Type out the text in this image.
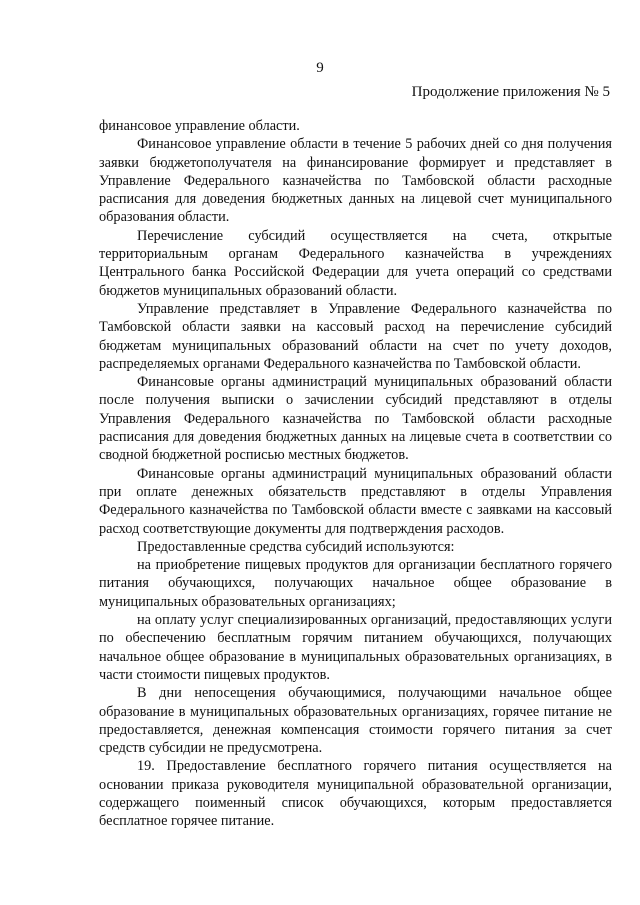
9
Продолжение приложения № 5

финансовое управление области.

Финансовое управление области в течение 5 рабочих дней со дня получения заявки бюджетополучателя на финансирование формирует и представляет в Управление Федерального казначейства по Тамбовской области расходные расписания для доведения бюджетных данных на лицевой счет муниципального образования области.

Перечисление субсидий осуществляется на счета, открытые территориальным органам Федерального казначейства в учреждениях Центрального банка Российской Федерации для учета операций со средствами бюджетов муниципальных образований области.

Управление представляет в Управление Федерального казначейства по Тамбовской области заявки на кассовый расход на перечисление субсидий бюджетам муниципальных образований области на счет по учету доходов, распределяемых органами Федерального казначейства по Тамбовской области.

Финансовые органы администраций муниципальных образований области после получения выписки о зачислении субсидий представляют в отделы Управления Федерального казначейства по Тамбовской области расходные расписания для доведения бюджетных данных на лицевые счета в соответствии со сводной бюджетной росписью местных бюджетов.

Финансовые органы администраций муниципальных образований области при оплате денежных обязательств представляют в отделы Управления Федерального казначейства по Тамбовской области вместе с заявками на кассовый расход соответствующие документы для подтверждения расходов.

Предоставленные средства субсидий используются:

на приобретение пищевых продуктов для организации бесплатного горячего питания обучающихся, получающих начальное общее образование в муниципальных образовательных организациях;

на оплату услуг специализированных организаций, предоставляющих услуги по обеспечению бесплатным горячим питанием обучающихся, получающих начальное общее образование в муниципальных образовательных организациях, в части стоимости пищевых продуктов.

В дни непосещения обучающимися, получающими начальное общее образование в муниципальных образовательных организациях, горячее питание не предоставляется, денежная компенсация стоимости горячего питания за счет средств субсидии не предусмотрена.

19. Предоставление бесплатного горячего питания осуществляется на основании приказа руководителя муниципальной образовательной организации, содержащего поименный список обучающихся, которым предоставляется бесплатное горячее питание.
